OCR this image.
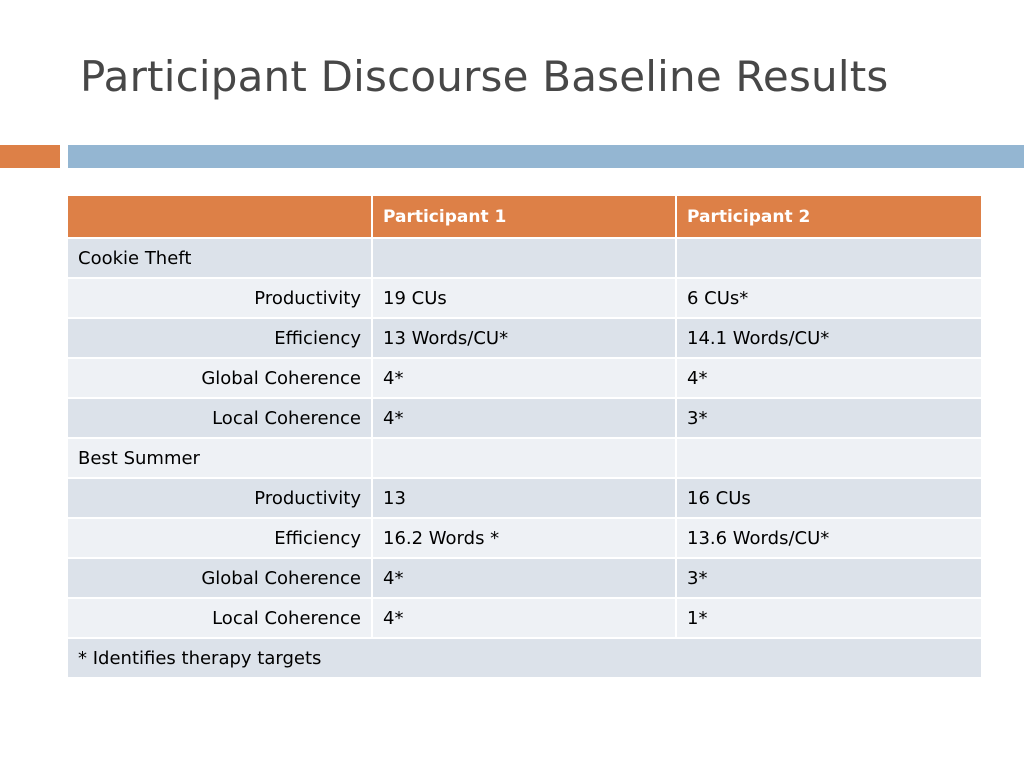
Participant Discourse Baseline Results
	Participant 1	Participant 2
Cookie Theft		
Productivity	19 CUs	6 CUs*
Efficiency	13 Words/CU*	14.1 Words/CU*
Global Coherence	4*	4*
Local Coherence	4*	3*
Best Summer		
Productivity	13	16 CUs
Efficiency	16.2 Words *	13.6 Words/CU*
Global Coherence	4*	3*
Local Coherence	4*	1*
* Identifies therapy targets		
